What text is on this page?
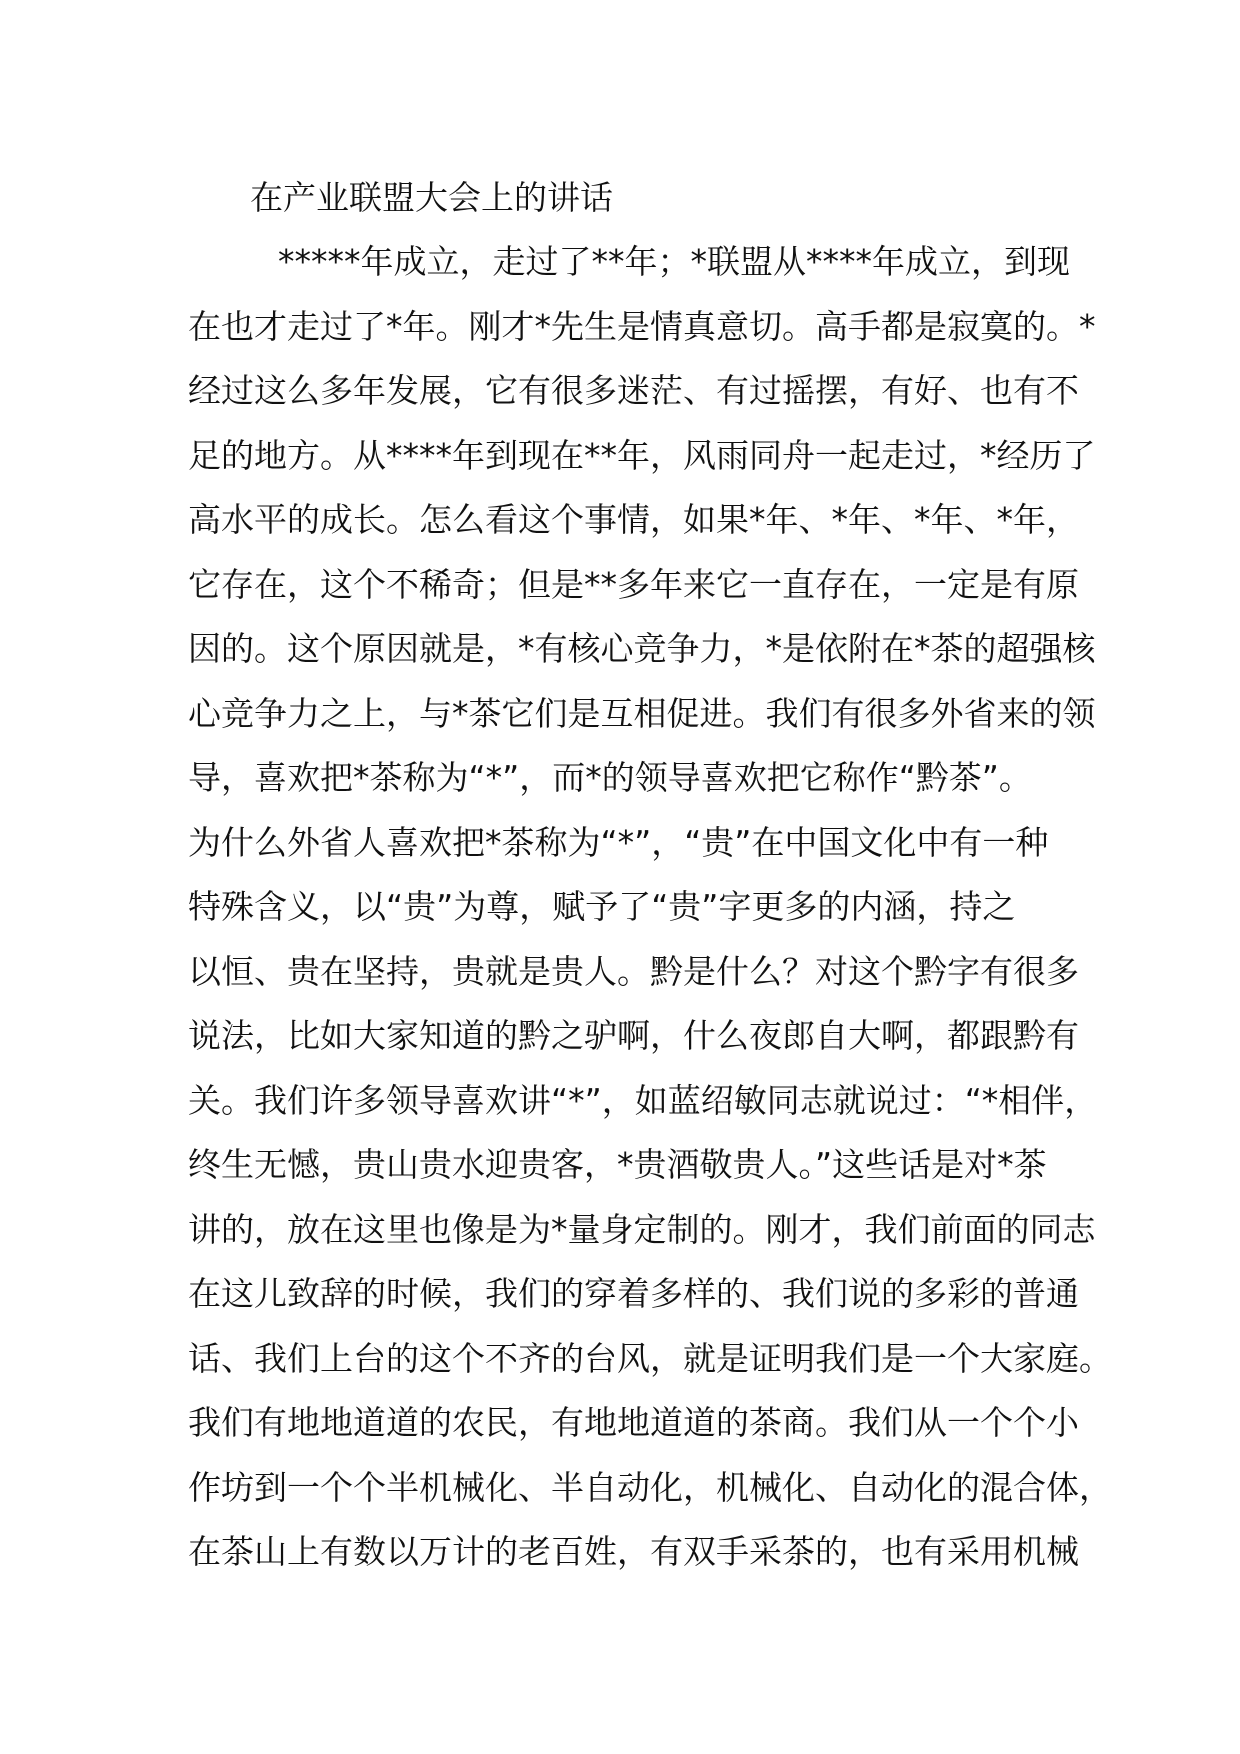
在产业联盟大会上的讲话
*****年成立，走过了**年；*联盟从****年成立，到现
在也才走过了*年。刚才*先生是情真意切。高手都是寂寞的。*
经过这么多年发展，它有很多迷茫、有过摇摆，有好、也有不
足的地方。从****年到现在**年，风雨同舟一起走过，*经历了
高水平的成长。怎么看这个事情，如果*年、*年、*年、*年，
它存在，这个不稀奇；但是**多年来它一直存在，一定是有原
因的。这个原因就是，*有核心竞争力，*是依附在*茶的超强核
心竞争力之上，与*茶它们是互相促进。我们有很多外省来的领
导，喜欢把*茶称为“*”，而*的领导喜欢把它称作“黔茶”。
为什么外省人喜欢把*茶称为“*”，“贵”在中国文化中有一种
特殊含义，以“贵”为尊，赋予了“贵”字更多的内涵，持之
以恒、贵在坚持，贵就是贵人。黔是什么？对这个黔字有很多
说法，比如大家知道的黔之驴啊，什么夜郎自大啊，都跟黔有
关。我们许多领导喜欢讲“*”，如蓝绍敏同志就说过：“*相伴，
终生无憾，贵山贵水迎贵客，*贵酒敬贵人。”这些话是对*茶
讲的，放在这里也像是为*量身定制的。刚才，我们前面的同志
在这儿致辞的时候，我们的穿着多样的、我们说的多彩的普通
话、我们上台的这个不齐的台风，就是证明我们是一个大家庭。
我们有地地道道的农民，有地地道道的茶商。我们从一个个小
作坊到一个个半机械化、半自动化，机械化、自动化的混合体，
在茶山上有数以万计的老百姓，有双手采茶的，也有采用机械
